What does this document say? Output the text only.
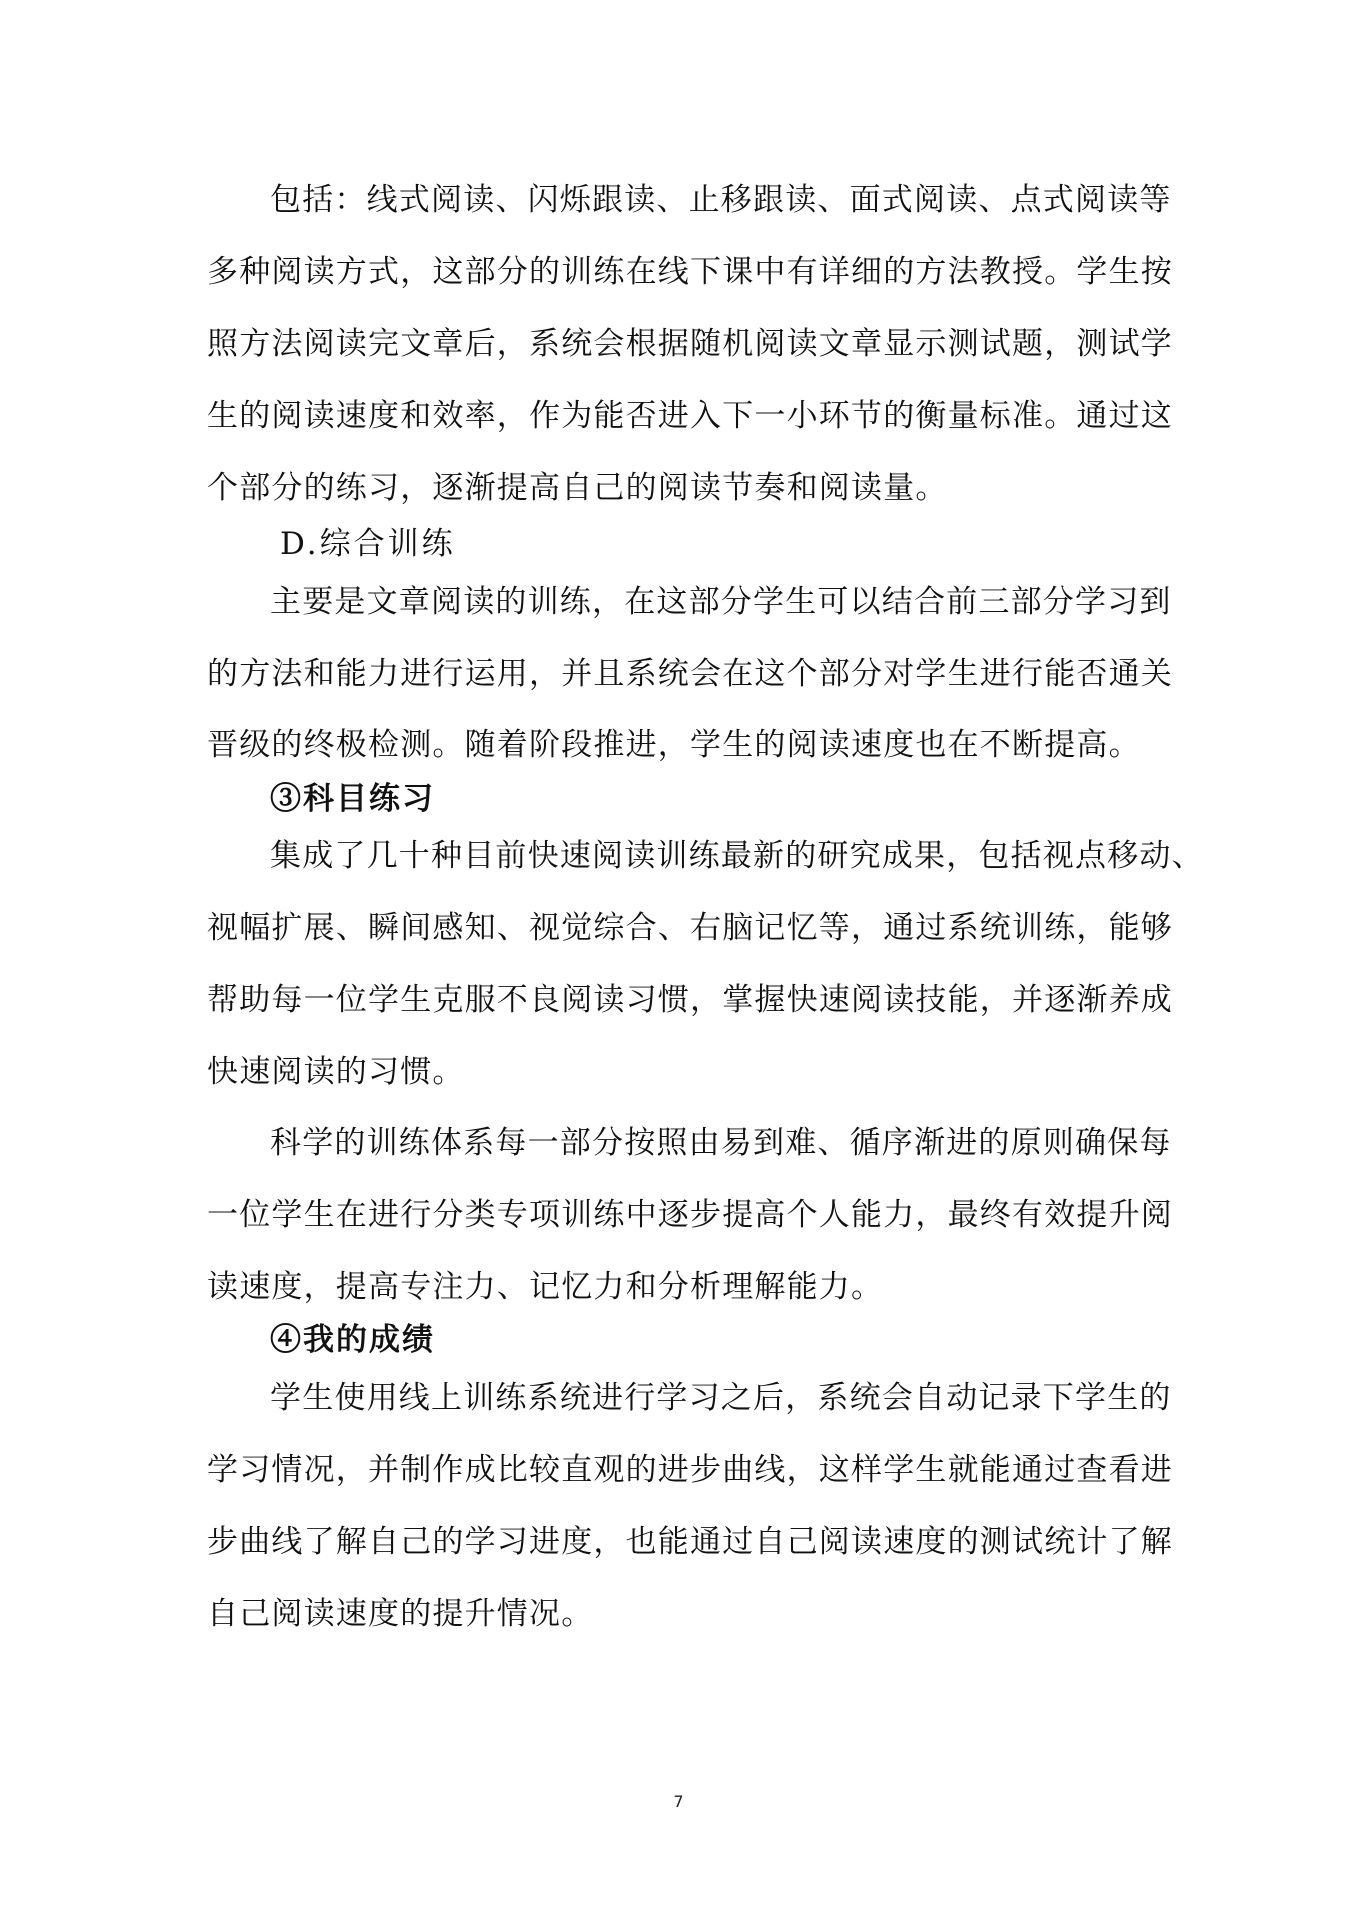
包括：线式阅读、闪烁跟读、止移跟读、面式阅读、点式阅读等
多种阅读方式，这部分的训练在线下课中有详细的方法教授。学生按
照方法阅读完文章后，系统会根据随机阅读文章显示测试题，测试学
生的阅读速度和效率，作为能否进入下一小环节的衡量标准。通过这
个部分的练习，逐渐提高自己的阅读节奏和阅读量。
D.综合训练
主要是文章阅读的训练，在这部分学生可以结合前三部分学习到
的方法和能力进行运用，并且系统会在这个部分对学生进行能否通关
晋级的终极检测。随着阶段推进，学生的阅读速度也在不断提高。
③科目练习
集成了几十种目前快速阅读训练最新的研究成果，包括视点移动、
视幅扩展、瞬间感知、视觉综合、右脑记忆等，通过系统训练，能够
帮助每一位学生克服不良阅读习惯，掌握快速阅读技能，并逐渐养成
快速阅读的习惯。
科学的训练体系每一部分按照由易到难、循序渐进的原则确保每
一位学生在进行分类专项训练中逐步提高个人能力，最终有效提升阅
读速度，提高专注力、记忆力和分析理解能力。
④我的成绩
学生使用线上训练系统进行学习之后，系统会自动记录下学生的
学习情况，并制作成比较直观的进步曲线，这样学生就能通过查看进
步曲线了解自己的学习进度，也能通过自己阅读速度的测试统计了解
自己阅读速度的提升情况。
7
